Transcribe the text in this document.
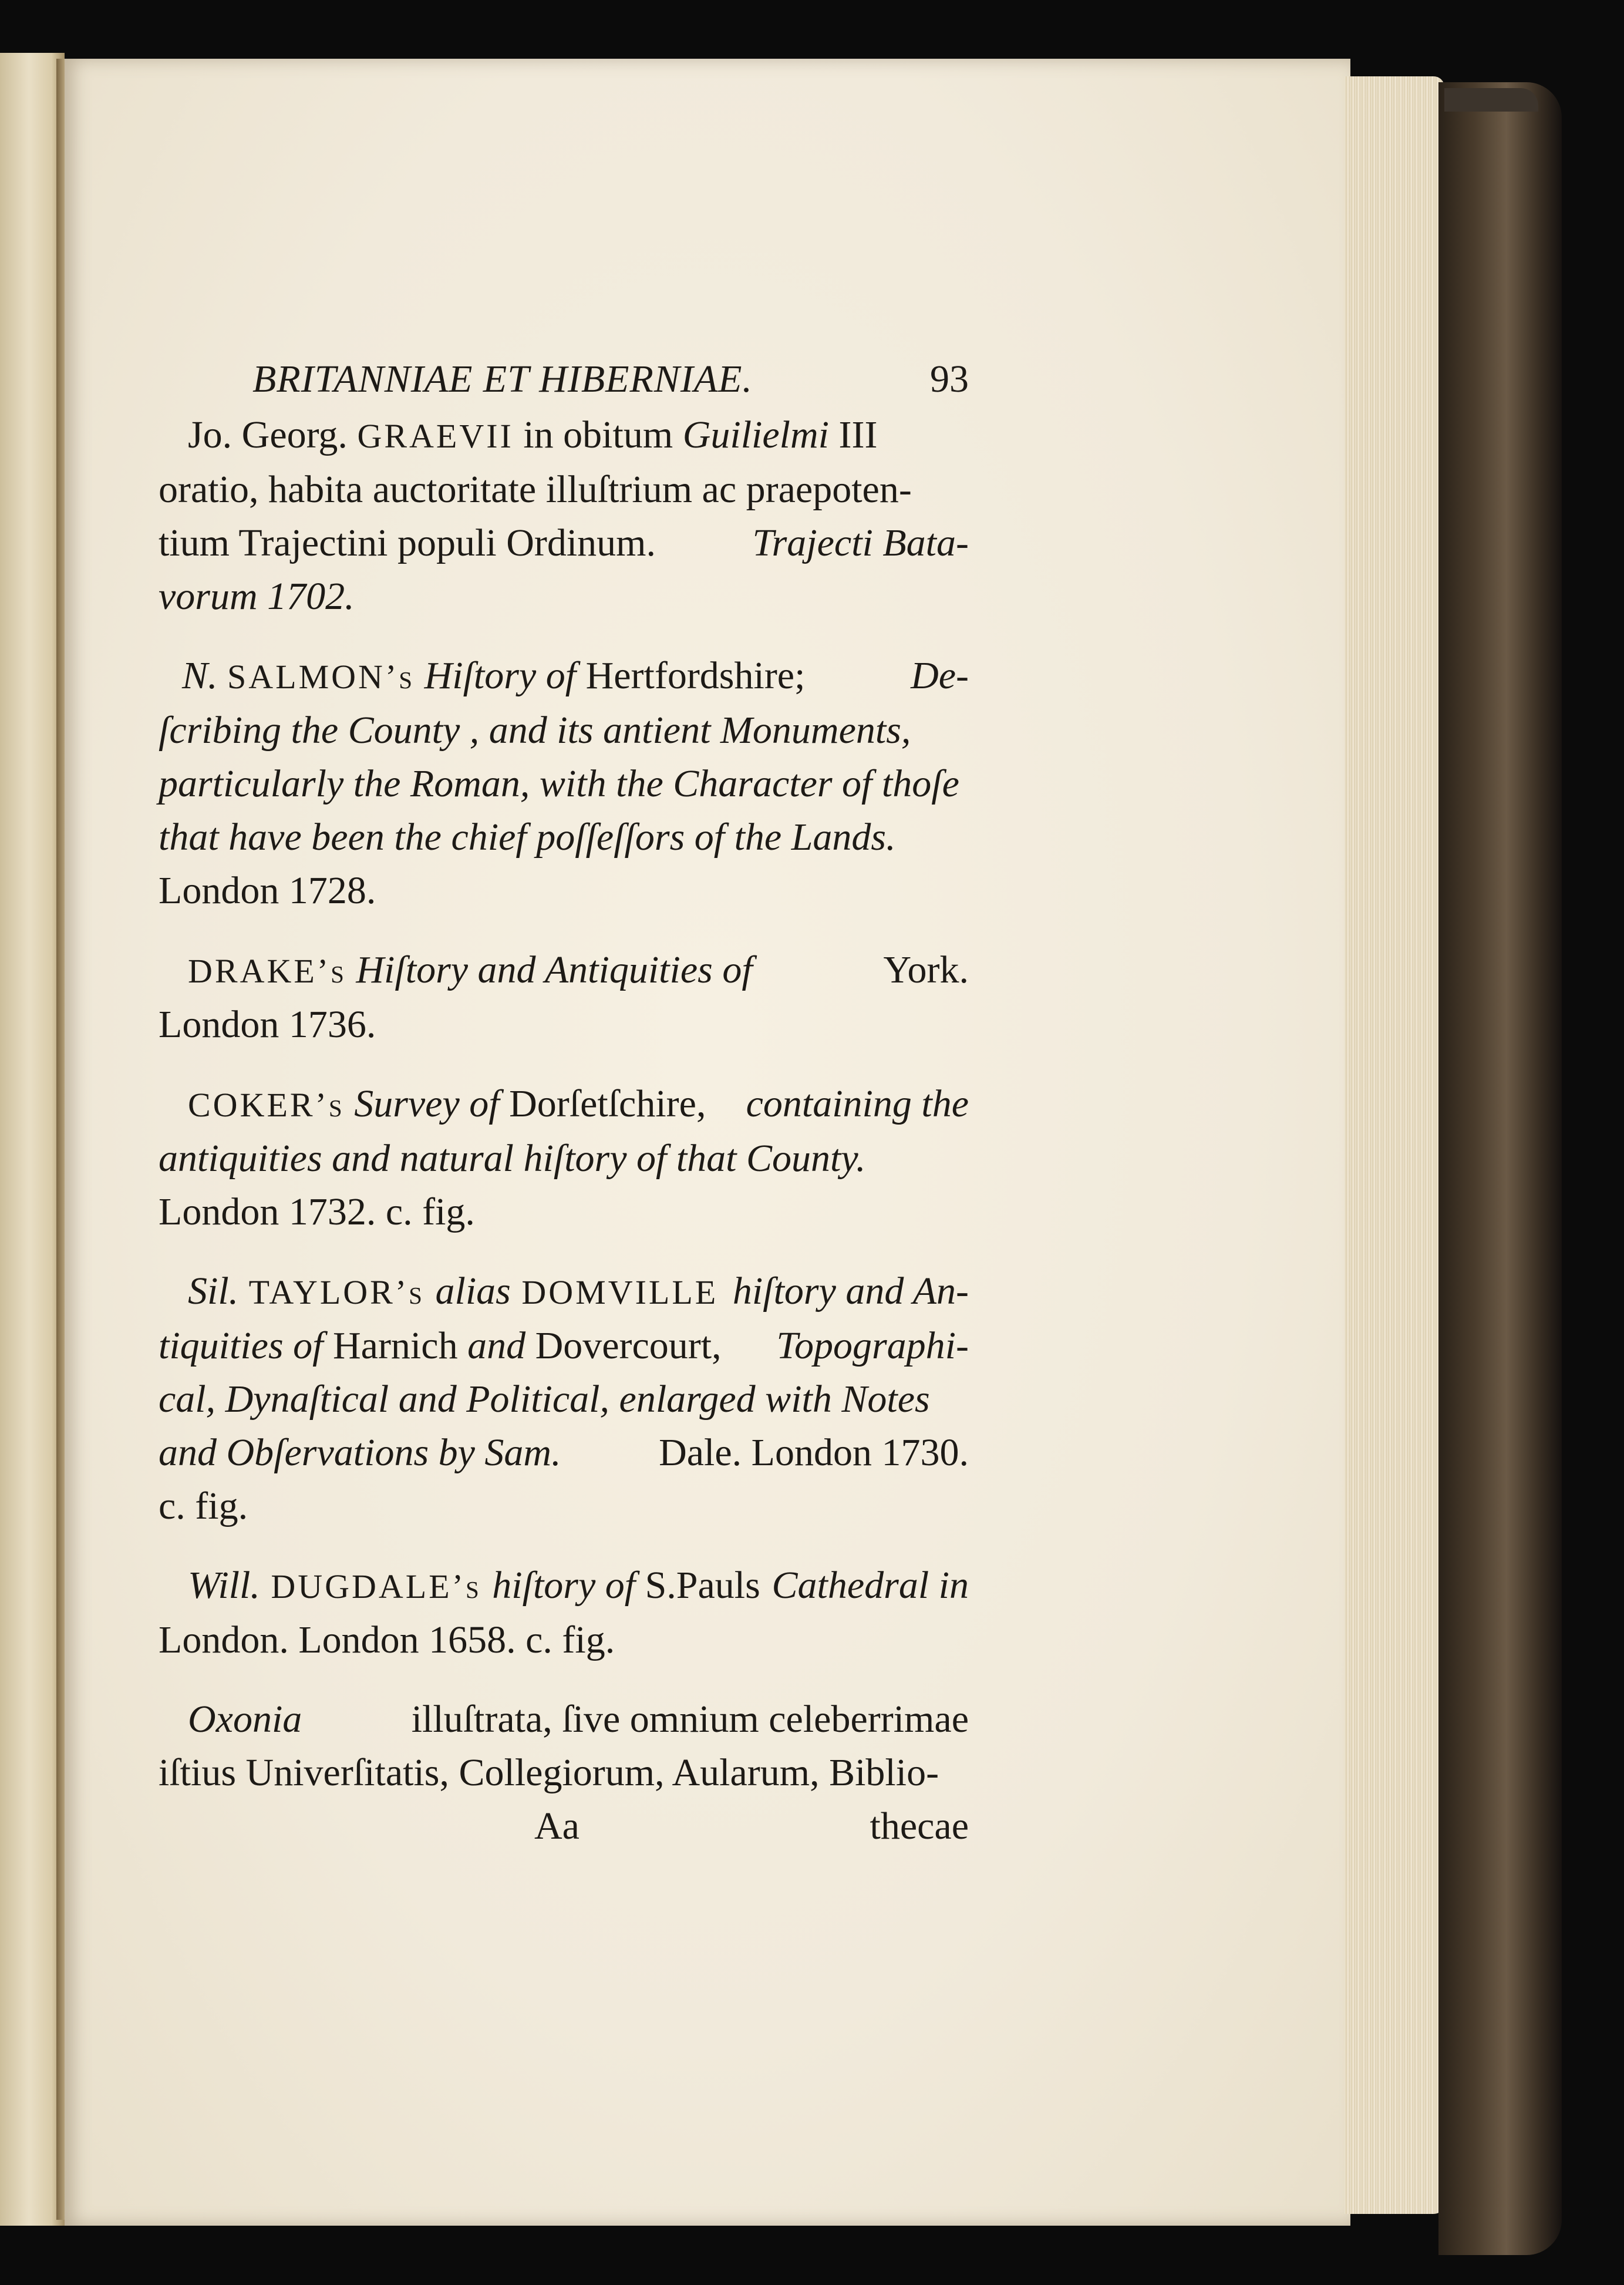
BRITANNIAE ET HIBERNIAE.	93
Jo. Georg. GRAEVII in obitum Guilielmi III
oratio, habita auctoritate illuſtrium ac praepoten-
tium Trajectini populi Ordinum. Trajecti Bata-
vorum 1702.
N. SALMON’s Hiſtory of Hertfordshire;	De-
ſcribing the County , and its antient Monuments,
particularly the Roman, with the Character of thoſe
that have been the chief poſſeſſors of the Lands.
London 1728.
DRAKE’s Hiſtory and Antiquities of	York.
London 1736.
COKER’s Survey of Dorſetſchire, containing the
antiquities and natural hiſtory of that County.
London 1732. c. fig.
Sil. TAYLOR’s alias DOMVILLE hiſtory and An-
tiquities of Harnich and Dovercourt, Topographi-
cal, Dynaſtical and Political, enlarged with Notes
and Obſervations by Sam.	Dale. London 1730.
c. fig.
Will. DUGDALE’s hiſtory of S.Pauls Cathedral in
London. London 1658. c. fig.
Oxonia	illuſtrata, ſive omnium celeberrimae
iſtius Univerſitatis, Collegiorum, Aularum, Biblio-
Aa	thecae
